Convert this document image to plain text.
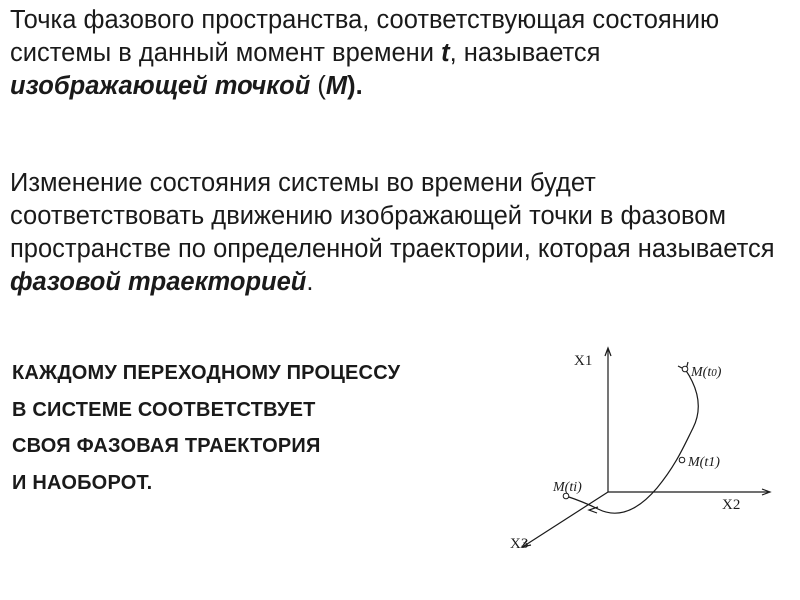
Точка фазового пространства, соответствующая состоянию системы в данный момент времени t, называется изображающей точкой (М).

Изменение состояния системы во времени будет соответствовать движению изображающей точки в фазовом пространстве по определенной траектории, которая называется фазовой траекторией.

КАЖДОМУ ПЕРЕХОДНОМУ ПРОЦЕССУ
В СИСТЕМЕ СООТВЕТСТВУЕТ
СВОЯ ФАЗОВАЯ ТРАЕКТОРИЯ
И НАОБОРОТ.
X1
X2
X3
M(t0)
M(t1)
M(ti)
